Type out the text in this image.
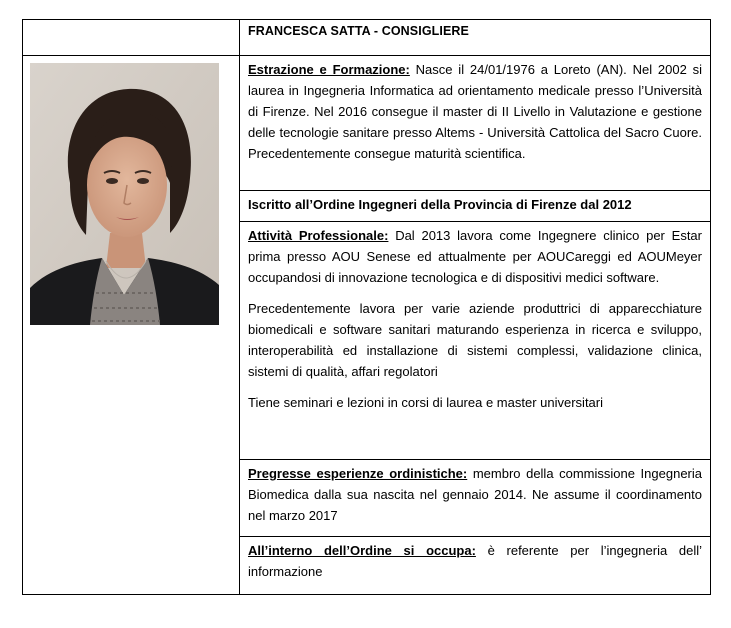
	FRANCESCA SATTA - CONSIGLIERE

Estrazione e Formazione: Nasce il 24/01/1976 a Loreto (AN). Nel 2002 si laurea in Ingegneria Informatica ad orientamento medicale presso l’Università di Firenze. Nel 2016 consegue il master di II Livello in Valutazione e gestione delle tecnologie sanitare presso Altems - Università Cattolica del Sacro Cuore. Precedentemente consegue maturità scientifica.

	Iscritto all’Ordine Ingegneri della Provincia di Firenze dal 2012

	Attività Professionale: Dal 2013 lavora come Ingegnere clinico per Estar prima presso AOU Senese ed attualmente per AOUCareggi ed AOUMeyer occupandosi di innovazione tecnologica e di dispositivi medici software.

Precedentemente lavora per varie aziende produttrici di apparecchiature biomedicali e software sanitari maturando esperienza in ricerca e sviluppo, interoperabilità ed installazione di sistemi complessi, validazione clinica, sistemi di qualità, affari regolatori

Tiene seminari e lezioni in corsi di laurea e master universitari

	Pregresse esperienze ordinistiche: membro della commissione Ingegneria Biomedica dalla sua nascita nel gennaio 2014. Ne assume il coordinamento nel marzo 2017

	All’interno dell’Ordine si occupa: è referente per l’ingegneria dell’ informazione
